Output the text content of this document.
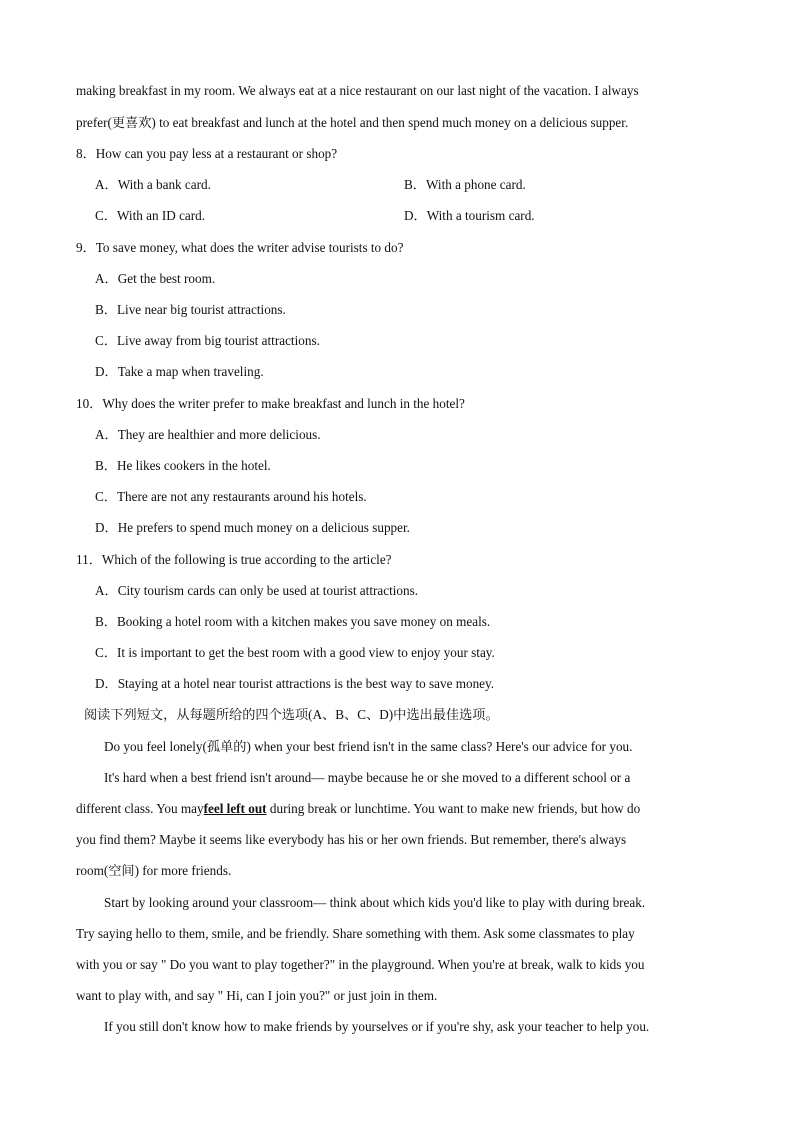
making breakfast in my room. We always eat at a nice restaurant on our last night of the vacation. I always
prefer(更喜欢) to eat breakfast and lunch at the hotel and then spend much money on a delicious supper.
8．How can you pay less at a restaurant or shop?
A．With a bank card.	B．With a phone card.
C．With an ID card.	D．With a tourism card.
9．To save money, what does the writer advise tourists to do?
A．Get the best room.
B．Live near big tourist attractions.
C．Live away from big tourist attractions.
D．Take a map when traveling.
10．Why does the writer prefer to make breakfast and lunch in the hotel?
A．They are healthier and more delicious.
B．He likes cookers in the hotel.
C．There are not any restaurants around his hotels.
D．He prefers to spend much money on a delicious supper.
11．Which of the following is true according to the article?
A．City tourism cards can only be used at tourist attractions.
B．Booking a hotel room with a kitchen makes you save money on meals.
C．It is important to get the best room with a good view to enjoy your stay.
D．Staying at a hotel near tourist attractions is the best way to save money.
阅读下列短文，从每题所给的四个选项(A、B、C、D)中选出最佳选项。
Do you feel lonely(孤单的) when your best friend isn't in the same class? Here's our advice for you.
It's hard when a best friend isn't around— maybe because he or she moved to a different school or a
different class. You mayfeel left out during break or lunchtime. You want to make new friends, but how do
you find them? Maybe it seems like everybody has his or her own friends. But remember, there's always
room(空间) for more friends.
Start by looking around your classroom— think about which kids you'd like to play with during break.
Try saying hello to them, smile, and be friendly. Share something with them. Ask some classmates to play
with you or say " Do you want to play together?" in the playground. When you're at break, walk to kids you
want to play with, and say " Hi, can I join you?" or just join in them.
If you still don't know how to make friends by yourselves or if you're shy, ask your teacher to help you.
